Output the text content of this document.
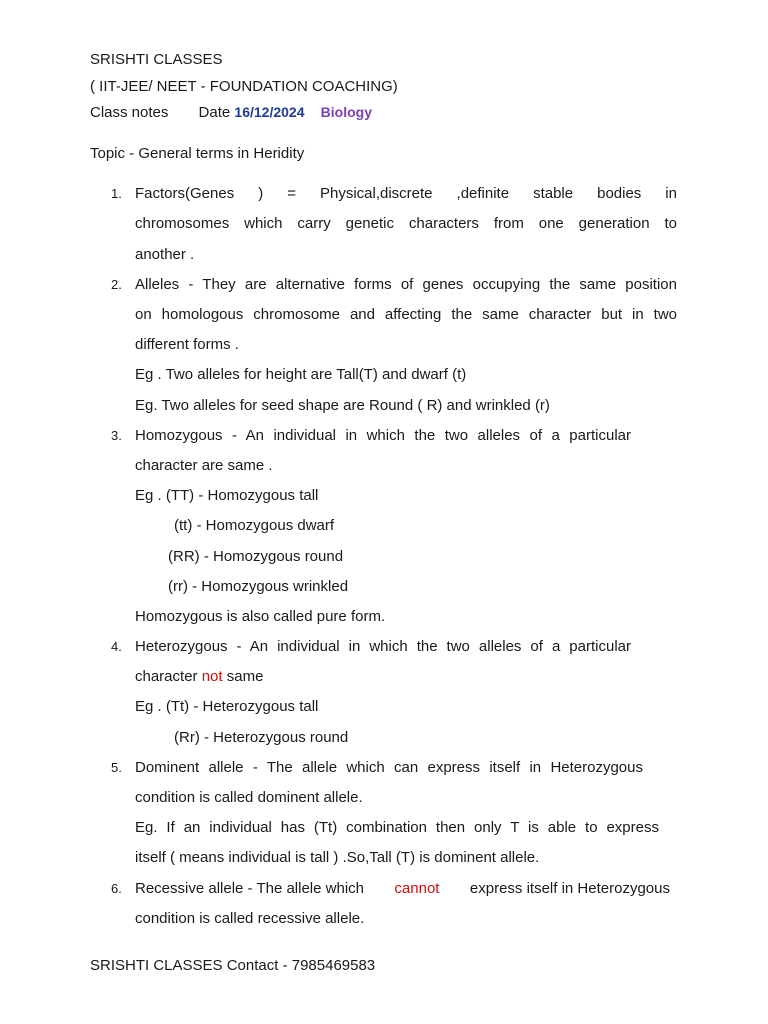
SRISHTI CLASSES
( IIT-JEE/ NEET - FOUNDATION COACHING)
Class notes Date 16/12/2024 Biology
Topic - General terms in Heridity
1. Factors(Genes ) = Physical,discrete ,definite stable bodies in
chromosomes which carry genetic characters from one generation to
another .
2. Alleles - They are alternative forms of genes occupying the same position
on homologous chromosome and affecting the same character but in two
different forms .
Eg . Two alleles for height are Tall(T) and dwarf (t)
Eg. Two alleles for seed shape are Round ( R) and wrinkled (r)
3. Homozygous - An individual in which the two alleles of a particular
character are same .
Eg . (TT) - Homozygous tall
(tt) - Homozygous dwarf
(RR) - Homozygous round
(rr) - Homozygous wrinkled
Homozygous is also called pure form.
4. Heterozygous - An individual in which the two alleles of a particular
character not same
Eg . (Tt) - Heterozygous tall
(Rr) - Heterozygous round
5. Dominent allele - The allele which can express itself in Heterozygous
condition is called dominent allele.
Eg. If an individual has (Tt) combination then only T is able to express
itself ( means individual is tall ) .So,Tall (T) is dominent allele.
6. Recessive allele - The allele which cannot express itself in Heterozygous
condition is called recessive allele.
SRISHTI CLASSES Contact - 7985469583
